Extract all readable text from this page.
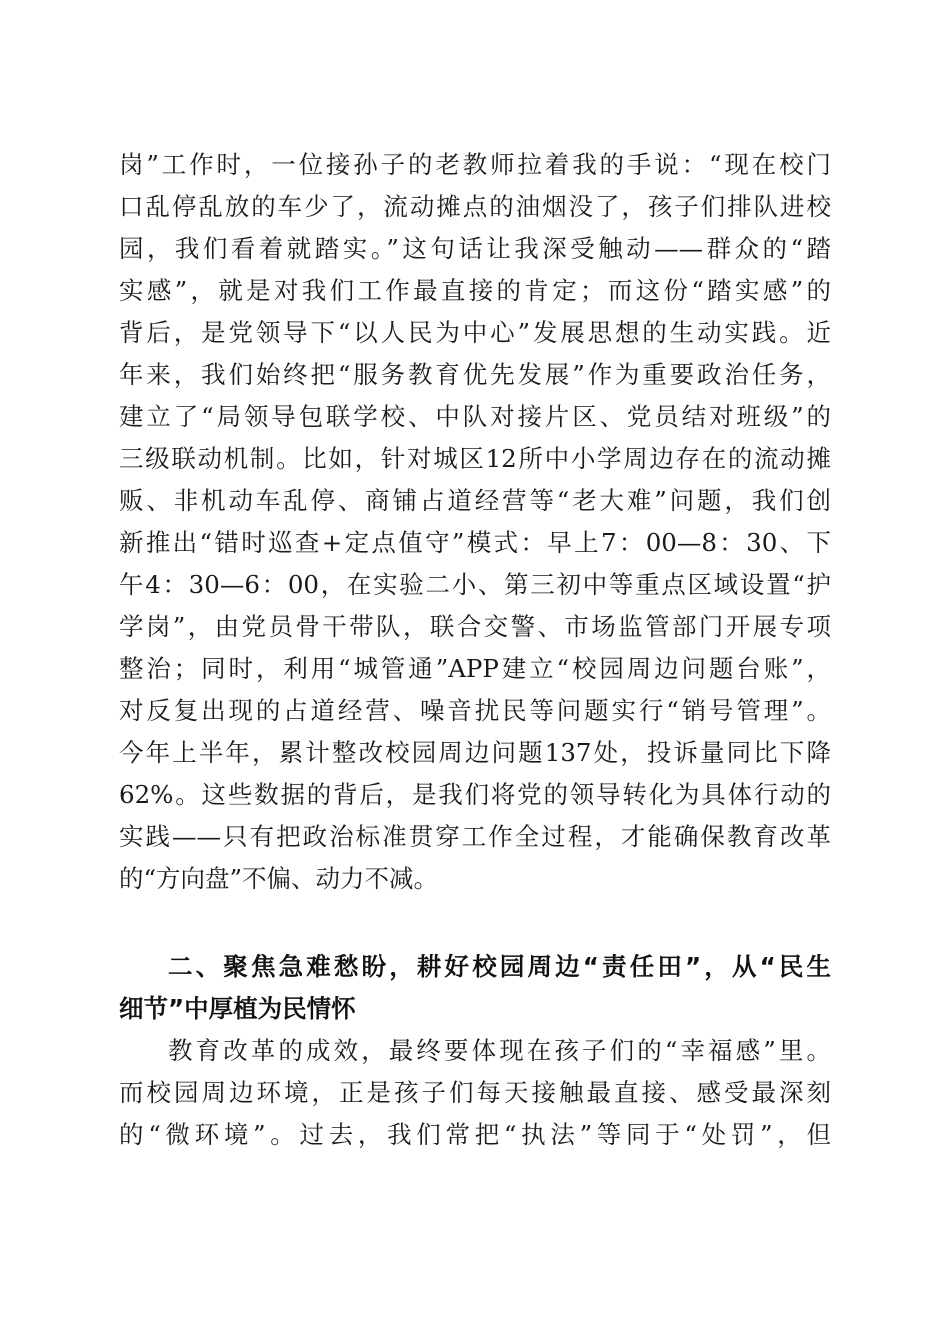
岗”工作时，一位接孙子的老教师拉着我的手说：“现在校门
口乱停乱放的车少了，流动摊点的油烟没了，孩子们排队进校
园，我们看着就踏实。”这句话让我深受触动——群众的“踏
实感”，就是对我们工作最直接的肯定；而这份“踏实感”的
背后，是党领导下“以人民为中心”发展思想的生动实践。近
年来，我们始终把“服务教育优先发展”作为重要政治任务，
建立了“局领导包联学校、中队对接片区、党员结对班级”的
三级联动机制。比如，针对城区12所中小学周边存在的流动摊
贩、非机动车乱停、商铺占道经营等“老大难”问题，我们创
新推出“错时巡查+定点值守”模式：早上7：00—8：30、下
午4：30—6：00，在实验二小、第三初中等重点区域设置“护
学岗”，由党员骨干带队，联合交警、市场监管部门开展专项
整治；同时，利用“城管通”APP建立“校园周边问题台账”，
对反复出现的占道经营、噪音扰民等问题实行“销号管理”。
今年上半年，累计整改校园周边问题137处，投诉量同比下降
62%。这些数据的背后，是我们将党的领导转化为具体行动的
实践——只有把政治标准贯穿工作全过程，才能确保教育改革
的“方向盘”不偏、动力不减。
二、聚焦急难愁盼，耕好校园周边“责任田”，从“民生
细节”中厚植为民情怀
教育改革的成效，最终要体现在孩子们的“幸福感”里。
而校园周边环境，正是孩子们每天接触最直接、感受最深刻
的“微环境”。过去，我们常把“执法”等同于“处罚”，但
